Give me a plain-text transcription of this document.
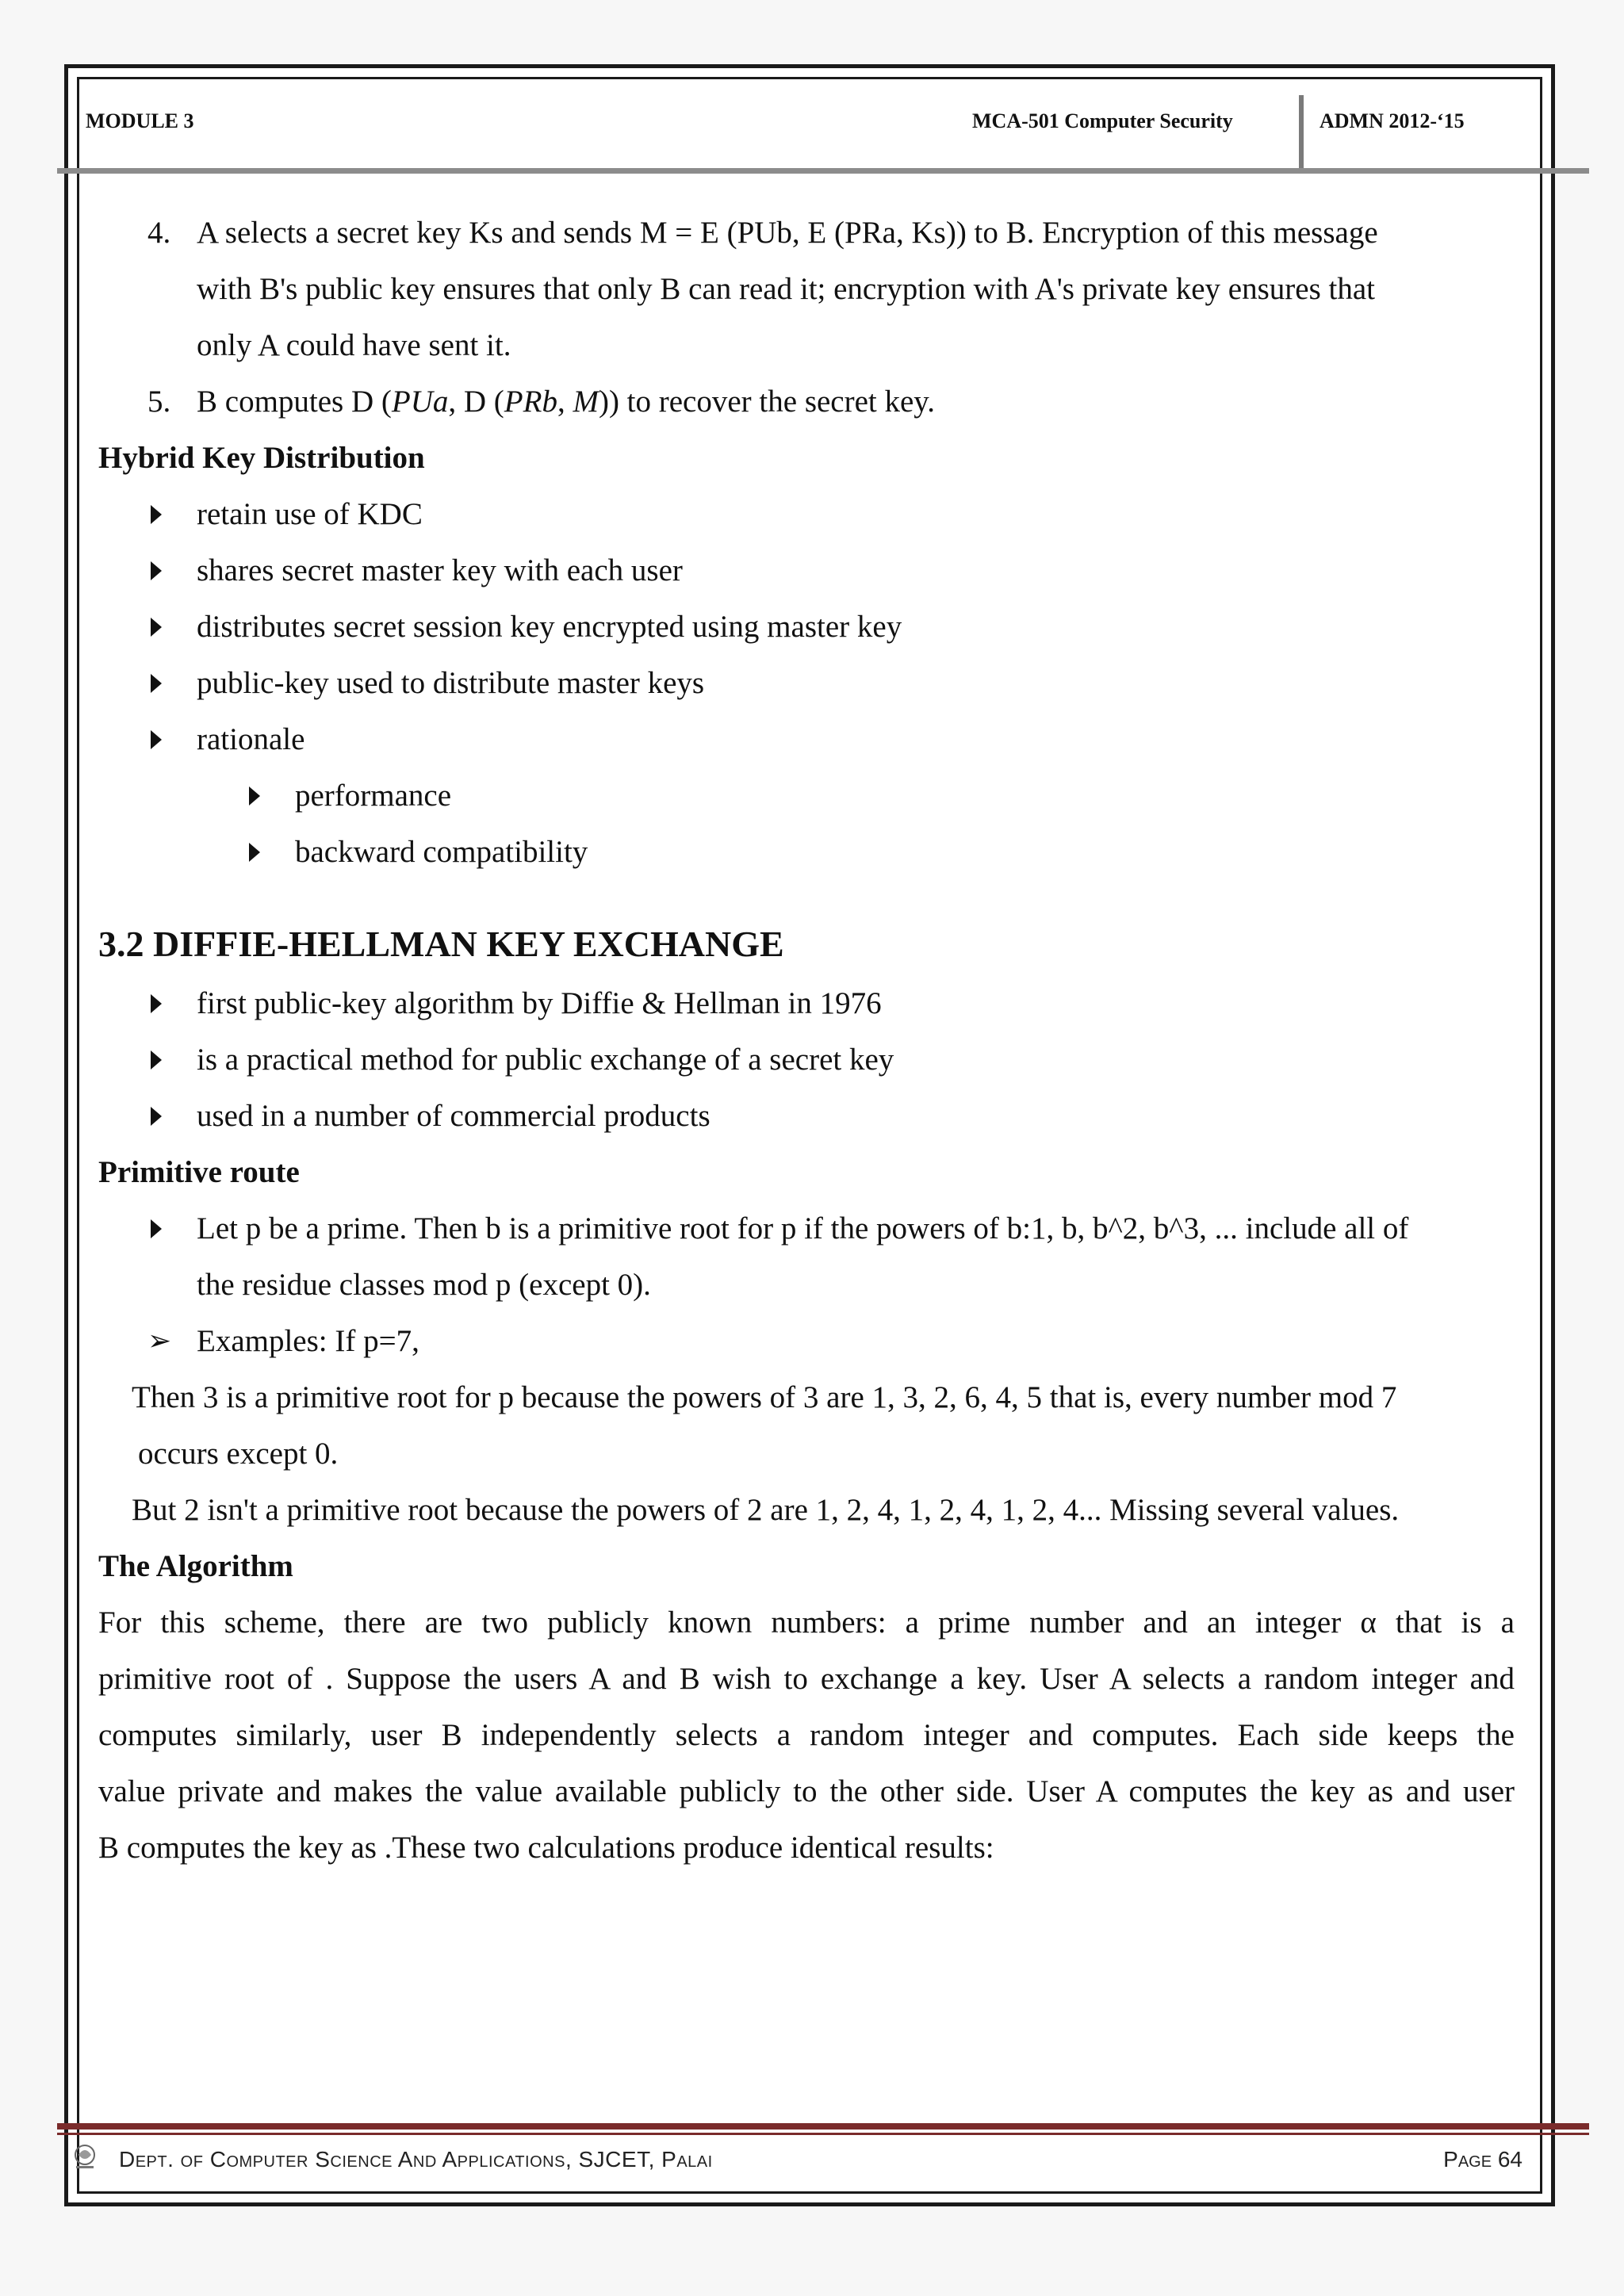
MODULE 3	MCA-501 Computer Security	ADMN 2012-‘15
4. A selects a secret key Ks and sends M = E (PUb, E (PRa, Ks)) to B. Encryption of this message
with B's public key ensures that only B can read it; encryption with A's private key ensures that
only A could have sent it.
5. B computes D (PUa, D (PRb, M)) to recover the secret key.
Hybrid Key Distribution
retain use of KDC
shares secret master key with each user
distributes secret session key encrypted using master key
public-key used to distribute master keys
rationale
performance
backward compatibility
3.2 DIFFIE-HELLMAN KEY EXCHANGE
first public-key algorithm by Diffie & Hellman in 1976
is a practical method for public exchange of a secret key
used in a number of commercial products
Primitive route
Let p be a prime. Then b is a primitive root for p if the powers of b:1, b, b^2, b^3, ... include all of
the residue classes mod p (except 0).
➢ Examples: If p=7,
Then 3 is a primitive root for p because the powers of 3 are 1, 3, 2, 6, 4, 5 that is, every number mod 7
occurs except 0.
But 2 isn't a primitive root because the powers of 2 are 1, 2, 4, 1, 2, 4, 1, 2, 4... Missing several values.
The Algorithm
For this scheme, there are two publicly known numbers: a prime number and an integer α that is a
primitive root of . Suppose the users A and B wish to exchange a key. User A selects a random integer and
computes similarly, user B independently selects a random integer and computes. Each side keeps the
value private and makes the value available publicly to the other side. User A computes the key as and user
B computes the key as .These two calculations produce identical results:
Dept. of Computer Science And Applications, SJCET, Palai	Page 64
